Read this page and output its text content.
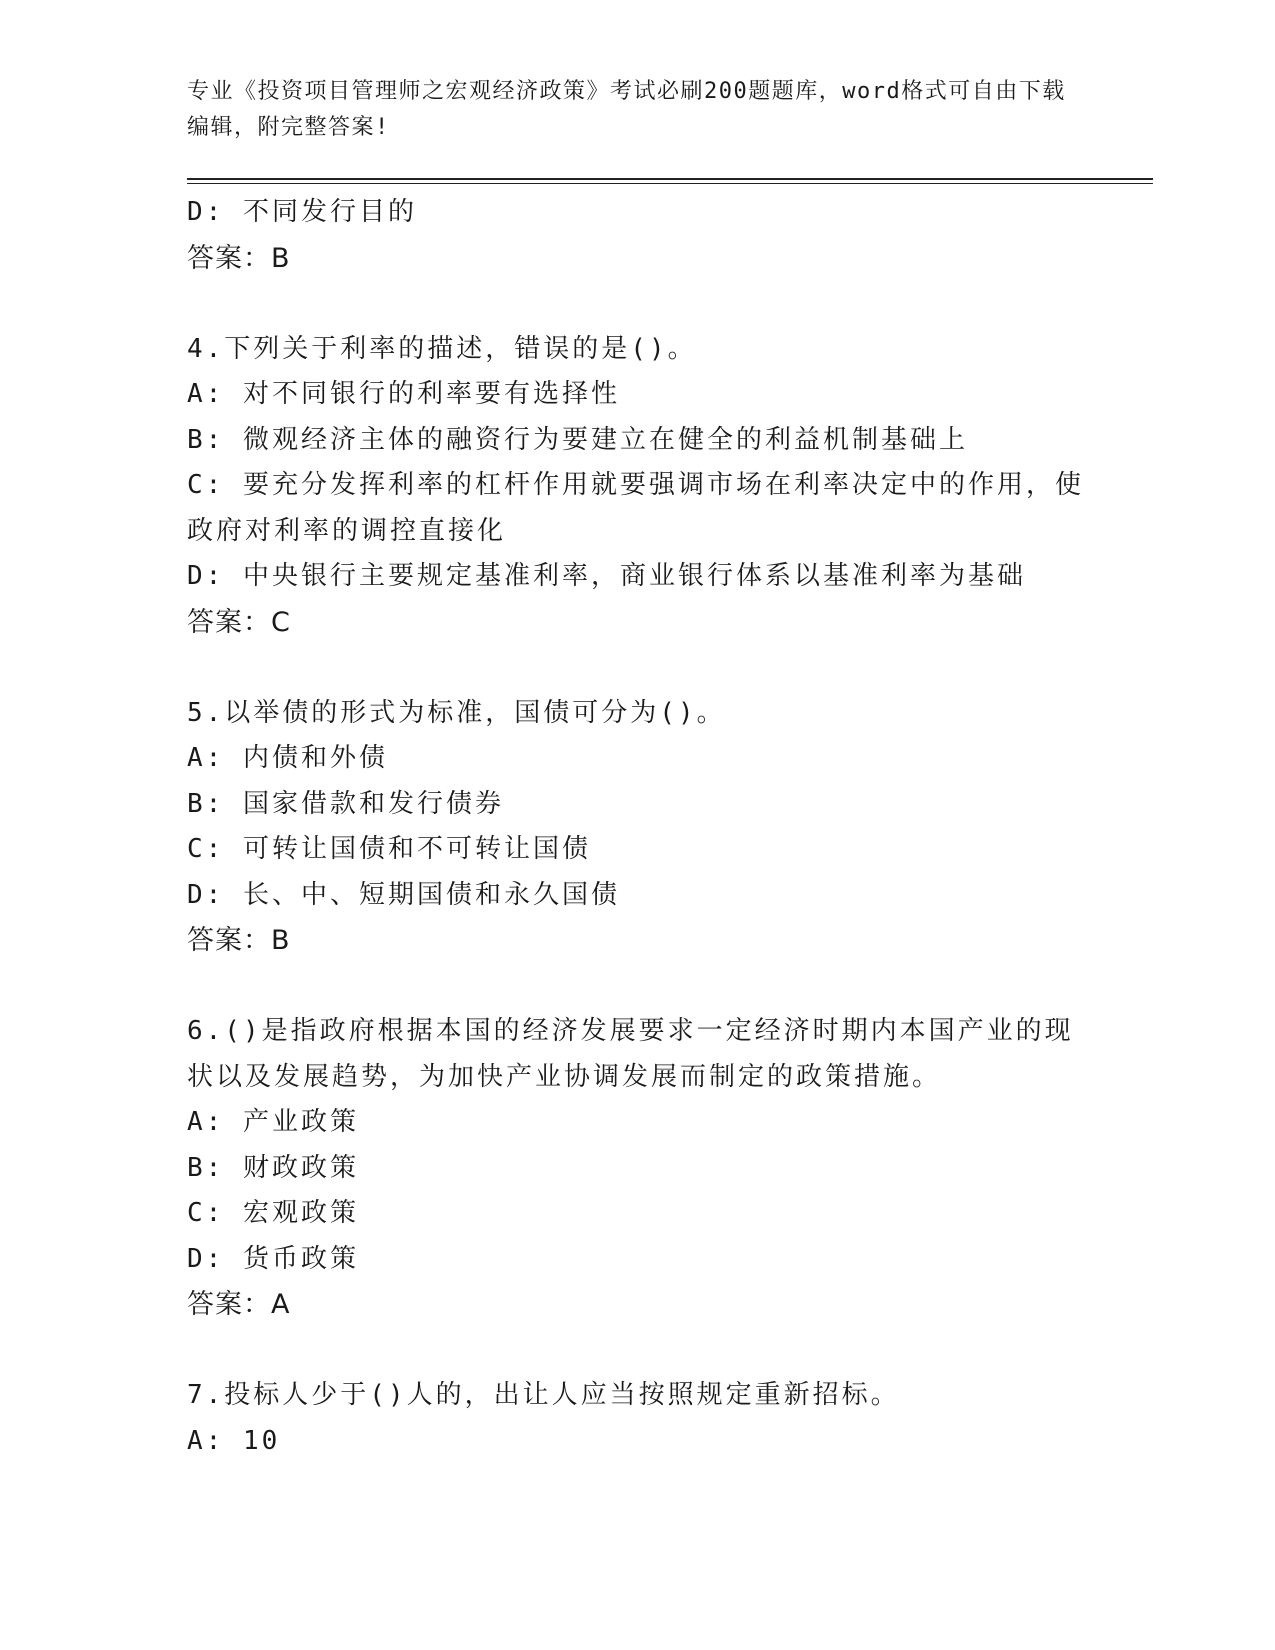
专业《投资项目管理师之宏观经济政策》考试必刷200题题库，word格式可自由下载编辑，附完整答案!
D: 不同发行目的
答案：B
4.下列关于利率的描述，错误的是()。
A: 对不同银行的利率要有选择性
B: 微观经济主体的融资行为要建立在健全的利益机制基础上
C: 要充分发挥利率的杠杆作用就要强调市场在利率决定中的作用，使政府对利率的调控直接化
D: 中央银行主要规定基准利率，商业银行体系以基准利率为基础
答案：C
5.以举债的形式为标准，国债可分为()。
A: 内债和外债
B: 国家借款和发行债券
C: 可转让国债和不可转让国债
D: 长、中、短期国债和永久国债
答案：B
6.()是指政府根据本国的经济发展要求一定经济时期内本国产业的现状以及发展趋势，为加快产业协调发展而制定的政策措施。
A: 产业政策
B: 财政政策
C: 宏观政策
D: 货币政策
答案：A
7.投标人少于()人的，出让人应当按照规定重新招标。
A: 10
